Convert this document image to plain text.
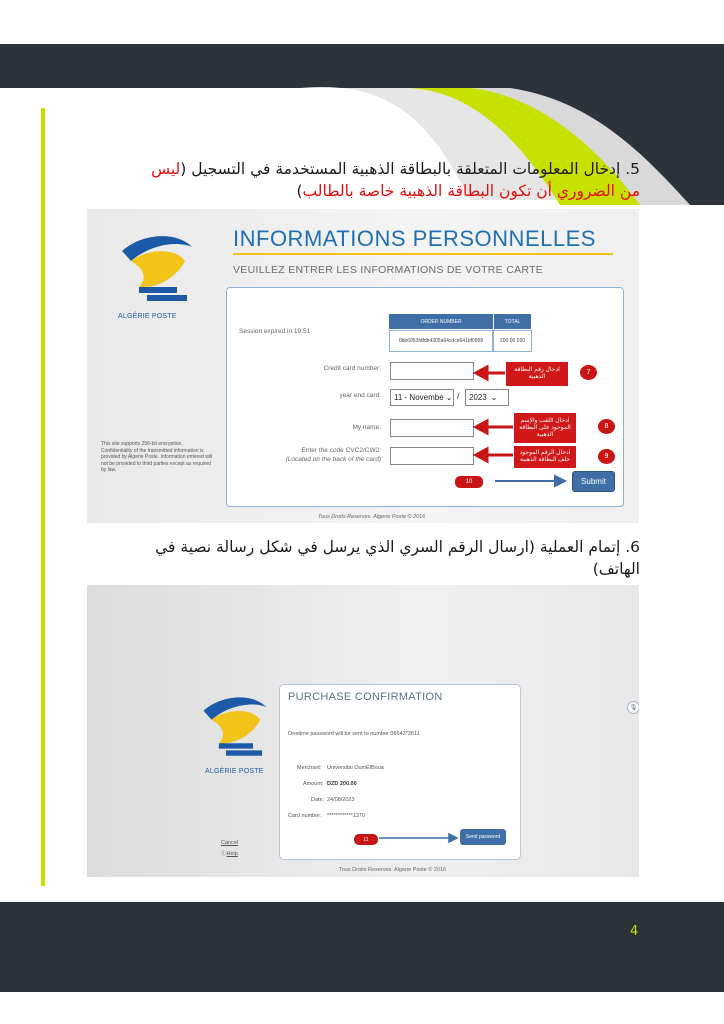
5. إدخال المعلومات المتعلقة بالبطاقة الذهبية المستخدمة في التسجيل (ليس
من الضروري أن تكون البطاقة الذهبية خاصة بالطالب)
ALGÉRIE POSTE
INFORMATIONS PERSONNELLES
VEUILLEZ ENTRER LES INFORMATIONS DE VOTRE CARTE
Session expired in 19:51
ORDER NUMBER	TOTAL
0bb6953fdfdb4305a64cdce641bf0958	200.00.020
Credit card number:
year end card: 11 - Novembe ⌄ / 2023 ⌄
My name:
Enter the code CVC2/CW2:
(Located on the back of the card)
Submit
This site supports 256-bit encryption. Confidentiality of the transmitted information is provided by Algerie Poste. Information entered will not be provided to third parties except as required by law.
Tous Droits Reserves. Algerie Poste © 2016
ادخال رقم البطاقة الذهبية
7
ادخال اللقب والإسم الموجود على البطاقة الذهبية
8
ادخال الرقم الموجود خلف البطاقة الذهبية	9
10
6. إتمام العملية (ارسال الرقم السري الذي يرسل في شكل رسالة نصية في
الهاتف)
ALGÉRIE POSTE
PURCHASE CONFIRMATION
Onetime password will be sent to number 06543*3611
Merchant: Universitai OumElBoua
Amount: DZD 200.00
Date: 24/08/2023
Card number: ************1370
11	Send password
Cancel
ⓘHelp
🎙
Tous Droits Reserves. Algerie Poste © 2016
4
